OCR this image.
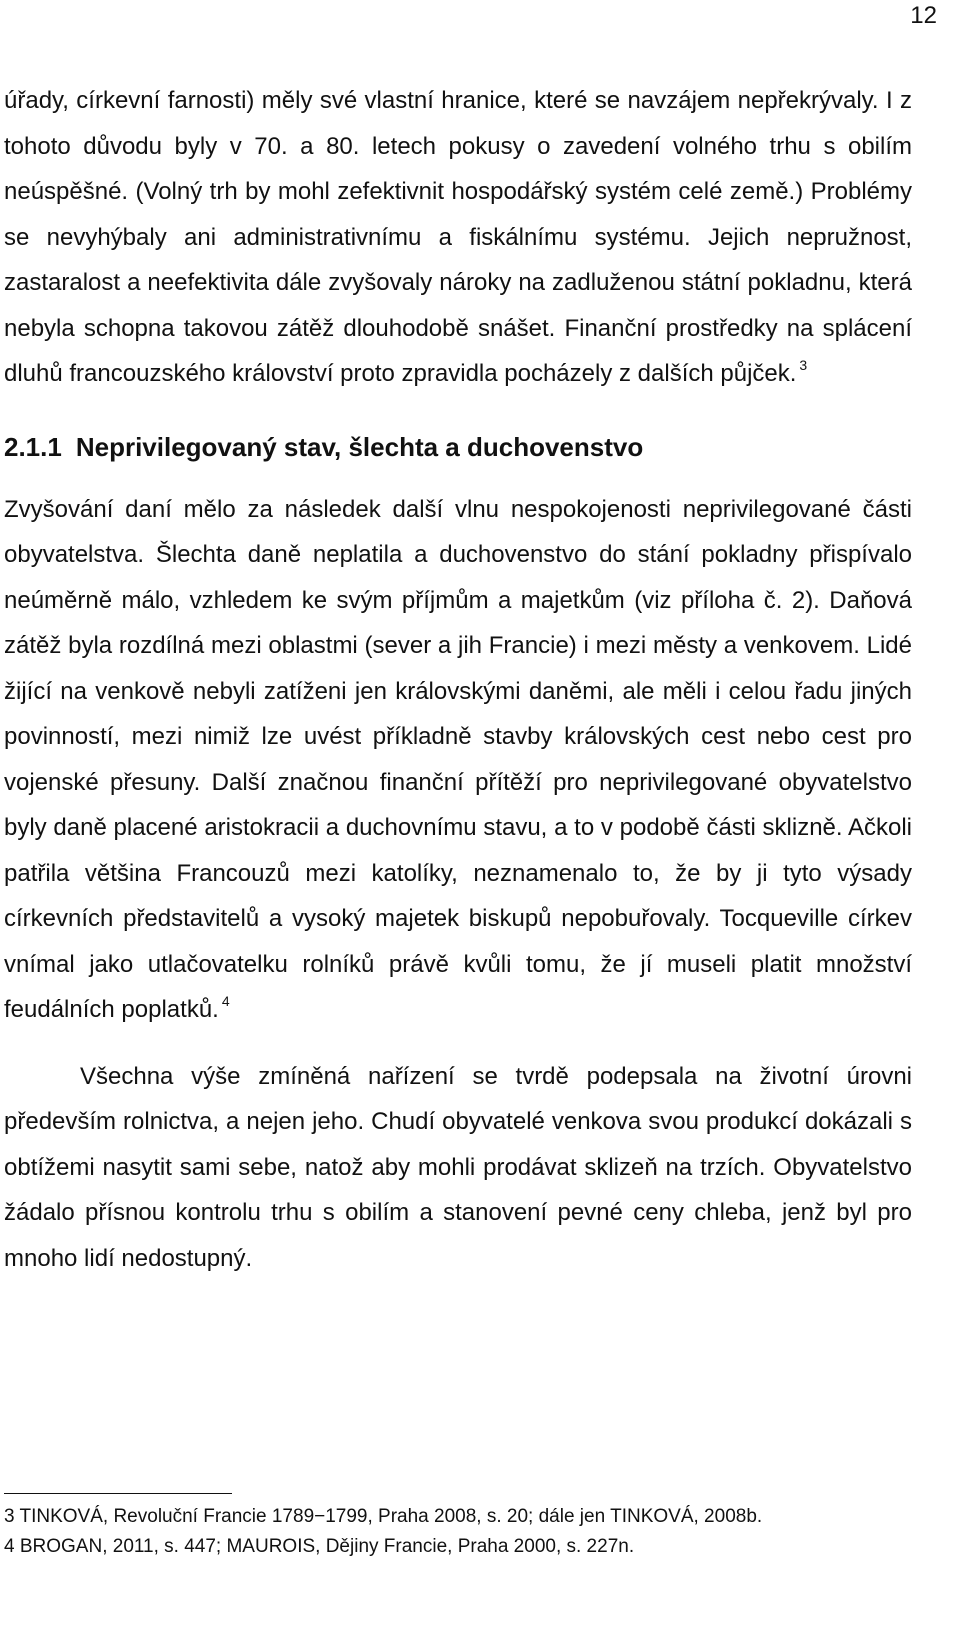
12

úřady, církevní farnosti) měly své vlastní hranice, které se navzájem nepřekrývaly. I z tohoto důvodu byly v 70. a 80. letech pokusy o zavedení volného trhu s obilím neúspěšné. (Volný trh by mohl zefektivnit hospodářský systém celé země.) Problémy se nevyhýbaly ani administrativnímu a fiskálnímu systému. Jejich nepružnost, zastaralost a neefektivita dále zvyšovaly nároky na zadluženou státní pokladnu, která nebyla schopna takovou zátěž dlouhodobě snášet. Finanční prostředky na splácení dluhů francouzského království proto zpravidla pocházely z dalších půjček. $^3$

2.1.1 Neprivilegovaný stav, šlechta a duchovenstvo

Zvyšování daní mělo za následek další vlnu nespokojenosti neprivilegované části obyvatelstva. Šlechta daně neplatila a duchovenstvo do stání pokladny přispívalo neúměrně málo, vzhledem ke svým příjmům a majetkům (viz příloha č. 2). Daňová zátěž byla rozdílná mezi oblastmi (sever a jih Francie) i mezi městy a venkovem. Lidé žijící na venkově nebyli zatíženi jen královskými daněmi, ale měli i celou řadu jiných povinností, mezi nimiž lze uvést příkladně stavby královských cest nebo cest pro vojenské přesuny. Další značnou finanční přítěží pro neprivilegované obyvatelstvo byly daně placené aristokracii a duchovnímu stavu, a to v podobě části sklizně. Ačkoli patřila většina Francouzů mezi katolíky, neznamenalo to, že by ji tyto výsady církevních představitelů a vysoký majetek biskupů nepobuřovaly. Tocqueville církev vnímal jako utlačovatelku rolníků právě kvůli tomu, že jí museli platit množství feudálních poplatků. $^4$

Všechna výše zmíněná nařízení se tvrdě podepsala na životní úrovni především rolnictva, a nejen jeho. Chudí obyvatelé venkova svou produkcí dokázali s obtížemi nasytit sami sebe, natož aby mohli prodávat sklizeň na trzích. Obyvatelstvo žádalo přísnou kontrolu trhu s obilím a stanovení pevné ceny chleba, jenž byl pro mnoho lidí nedostupný.

3 TINKOVÁ, Revoluční Francie 1789−1799, Praha 2008, s. 20; dále jen TINKOVÁ, 2008b.

4 BROGAN, 2011, s. 447; MAUROIS, Dějiny Francie, Praha 2000, s. 227n.
